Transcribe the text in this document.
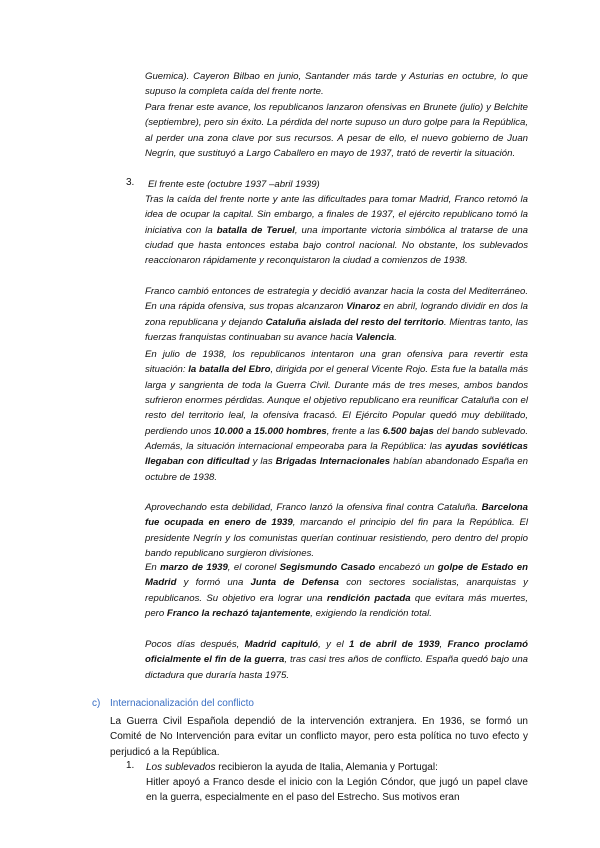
Guemica). Cayeron Bilbao en junio, Santander más tarde y Asturias en octubre, lo que supuso la completa caída del frente norte.
Para frenar este avance, los republicanos lanzaron ofensivas en Brunete (julio) y Belchite (septiembre), pero sin éxito. La pérdida del norte supuso un duro golpe para la República, al perder una zona clave por sus recursos. A pesar de ello, el nuevo gobierno de Juan Negrín, que sustituyó a Largo Caballero en mayo de 1937, trató de revertir la situación.
3. El frente este (octubre 1937 –abril 1939)
Tras la caída del frente norte y ante las dificultades para tomar Madrid, Franco retomó la idea de ocupar la capital. Sin embargo, a finales de 1937, el ejército republicano tomó la iniciativa con la batalla de Teruel, una importante victoria simbólica al tratarse de una ciudad que hasta entonces estaba bajo control nacional. No obstante, los sublevados reaccionaron rápidamente y reconquistaron la ciudad a comienzos de 1938.
Franco cambió entonces de estrategia y decidió avanzar hacia la costa del Mediterráneo. En una rápida ofensiva, sus tropas alcanzaron Vinaroz en abril, logrando dividir en dos la zona republicana y dejando Cataluña aislada del resto del territorio. Mientras tanto, las fuerzas franquistas continuaban su avance hacia Valencia.
En julio de 1938, los republicanos intentaron una gran ofensiva para revertir esta situación: la batalla del Ebro, dirigida por el general Vicente Rojo. Esta fue la batalla más larga y sangrienta de toda la Guerra Civil. Durante más de tres meses, ambos bandos sufrieron enormes pérdidas. Aunque el objetivo republicano era reunificar Cataluña con el resto del territorio leal, la ofensiva fracasó. El Ejército Popular quedó muy debilitado, perdiendo unos 10.000 a 15.000 hombres, frente a las 6.500 bajas del bando sublevado. Además, la situación internacional empeoraba para la República: las ayudas soviéticas llegaban con dificultad y las Brigadas Internacionales habían abandonado España en octubre de 1938.
Aprovechando esta debilidad, Franco lanzó la ofensiva final contra Cataluña. Barcelona fue ocupada en enero de 1939, marcando el principio del fin para la República. El presidente Negrín y los comunistas querían continuar resistiendo, pero dentro del propio bando republicano surgieron divisiones.
En marzo de 1939, el coronel Segismundo Casado encabezó un golpe de Estado en Madrid y formó una Junta de Defensa con sectores socialistas, anarquistas y republicanos. Su objetivo era lograr una rendición pactada que evitara más muertes, pero Franco la rechazó tajantemente, exigiendo la rendición total.
Pocos días después, Madrid capituló, y el 1 de abril de 1939, Franco proclamó oficialmente el fin de la guerra, tras casi tres años de conflicto. España quedó bajo una dictadura que duraría hasta 1975.
c) Internacionalización del conflicto
La Guerra Civil Española dependió de la intervención extranjera. En 1936, se formó un Comité de No Intervención para evitar un conflicto mayor, pero esta política no tuvo efecto y perjudicó a la República.
1. Los sublevados recibieron la ayuda de Italia, Alemania y Portugal:
Hitler apoyó a Franco desde el inicio con la Legión Cóndor, que jugó un papel clave en la guerra, especialmente en el paso del Estrecho. Sus motivos eran
